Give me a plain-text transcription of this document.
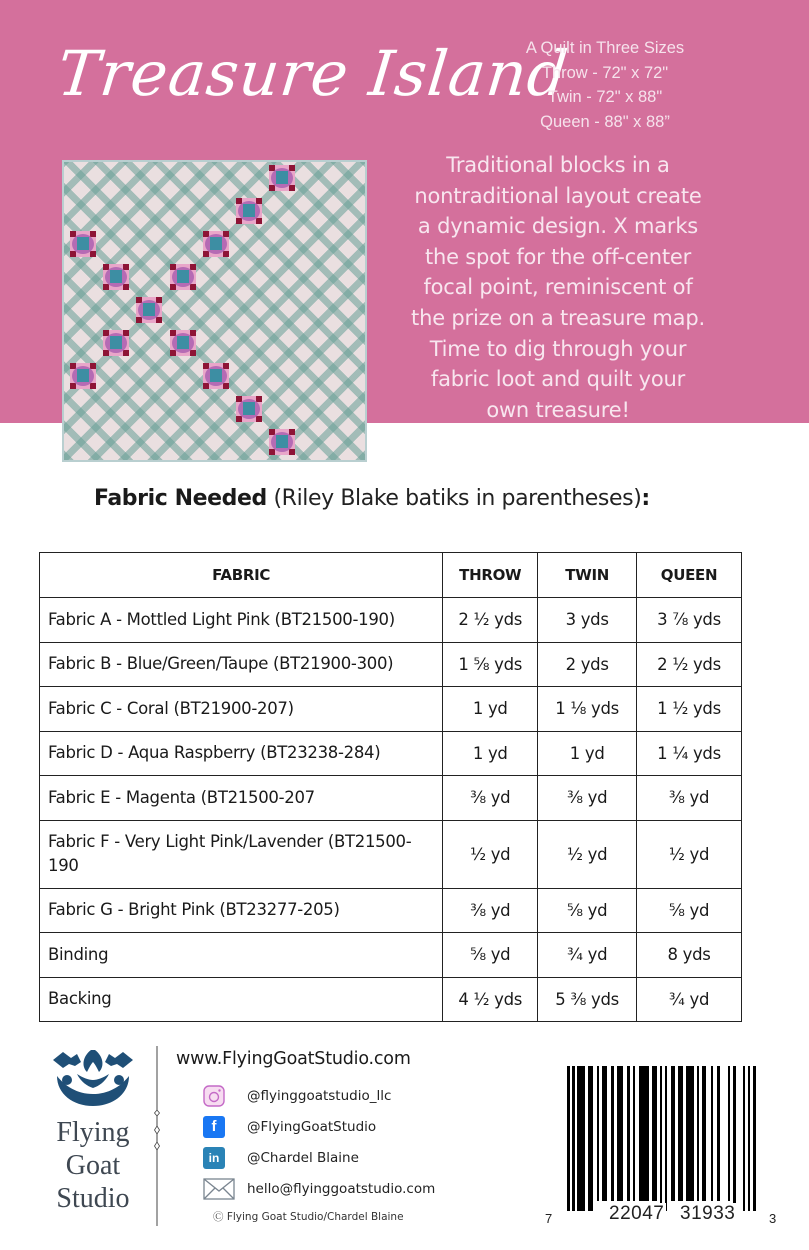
Treasure Island
A Quilt in Three Sizes
Throw - 72" x 72"
Twin - 72" x 88"
Queen - 88" x 88”
Traditional blocks in a
nontraditional layout create
a dynamic design. X marks
the spot for the off-center
focal point, reminiscent of
the prize on a treasure map.
Time to dig through your
fabric loot and quilt your
own treasure!
Fabric Needed (Riley Blake batiks in parentheses):
FABRIC	THROW	TWIN	QUEEN
Fabric A - Mottled Light Pink (BT21500-190)	2 ½ yds	3 yds	3 ⅞ yds
Fabric B - Blue/Green/Taupe (BT21900-300)	1 ⅝ yds	2 yds	2 ½ yds
Fabric C - Coral (BT21900-207)	1 yd	1 ⅛ yds	1 ½ yds
Fabric D - Aqua Raspberry (BT23238-284)	1 yd	1 yd	1 ¼ yds
Fabric E - Magenta (BT21500-207	⅜ yd	⅜ yd	⅜ yd
Fabric F - Very Light Pink/Lavender (BT21500-190	½ yd	½ yd	½ yd
Fabric G - Bright Pink (BT23277-205)	⅜ yd	⅝ yd	⅝ yd
Binding	⅝ yd	¾ yd	8 yds
Backing	4 ½ yds	5 ⅜ yds	¾ yd
Flying
Goat
Studio
www.FlyingGoatStudio.com
@flyinggoatstudio_llc
f	@FlyingGoatStudio
in	@Chardel Blaine
hello@flyinggoatstudio.com
Ⓒ Flying Goat Studio/Chardel Blaine	7	22047 31933	3
